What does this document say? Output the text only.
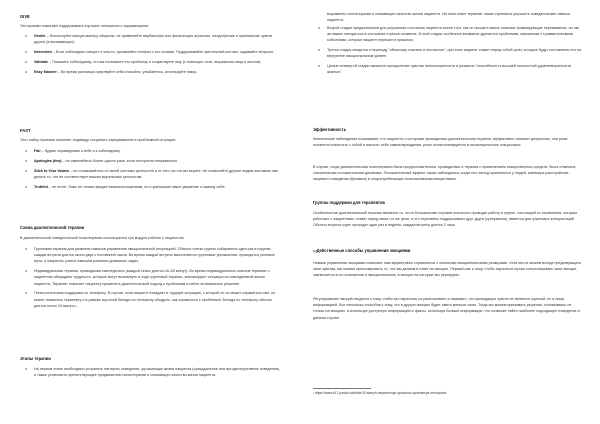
GIVE

Эти приемы помогают поддерживать хорошие отношения с окружающими:

o Gentle – Используйте мягкую манеру общения, не применяйте вербальную или физическую агрессию, неодобрение и принижение чувств других (в вызывающих).
o Interested – Если собеседник говорит о чем-то, проявляйте интерес к его словам. Поддерживайте зрительный контакт, задавайте вопросы.
o Validate – Покажите собеседнику, что вы понимаете его проблему и сочувствуете ему (с помощью слов, выражения лица и жестов).
o Easy Manner – Во время разговора чувствуйте себя спокойно, улыбайтесь, используйте юмор.

FAST

Этот набор приемов помогает индивиду сохранить самоуважение в проблемной ситуации:

o Fair – будьте справедливы к себе и к собеседнику.
o Apologies (few) – не извиняйтесь более одного раза, если поступили неправильно.
o Stick to Your Values – не отказывайтесь от своей системы ценностей и от того, во что вы верите. Не позволяйте другим людям заставить вас делать то, что не соответствует вашим моральным ценностям.
o Truthful – не лгите. Ложь не только вредит взаимоотношениям, но и уменьшает ваше уважение к самому себе.

Схема диалектической терапии

В диалектической поведенческой психотерапии используются три модуля работы с пациентом:

o Групповая терапия для развития навыков управления эмоциональной регуляцией. Обычно члены группы собираются один раз в неделю, каждая встреча длится около двух с половиной часов. Во время каждой встречи выполняются групповые упражнения: проводятся ролевые игры, и пациенты учатся навыкам решения домашних задач.
o Индивидуальная терапия, проводимая еженедельно (каждый сеанс длится 40–50 минут). Во время индивидуальных сеансов терапевт с пациентом обсуждают трудности, которые могут возникнуть в ходе групповой терапии, анализируют ситуации из повседневной жизни пациента. Терапевт помогает пациенту применять диалектический подход к проблемам и найти оптимальное решение.
o Психологическая поддержка по телефону. В случае, если пациент попадает в трудную ситуацию, с которой он не может справиться сам, он может позвонить терапевту и в рамках короткой беседы по телефону обсудить, как справиться с проблемой. Беседа по телефону обычно длится около 15 минут[1]

Этапы терапии

o На первом этапе необходимо устранить паттерны поведения, угрожающие жизни пациента (суицидальное или аутодеструктивное поведение), а также установить препятствующее продвижению психотерапии и снижающее качество жизни пациента.

выраженно психотерапии и снижающее качество жизни пациента. На этом этапе терапевт также стремится улучшить поведенческие навыки пациента.

o Второй стадии предназначена для улучшения состояния пациента после того, как он прошел сквозь тяжелые травмирующие переживания, но так же важно находиться в состоянии стресса отчаяния. В этой стадии особенное внимание уделяется проблемам, связанным с травматическими событиями, которые пациент пережил в прошлом.
o Третья стадия сводится к переходу "обычному счастью и несчастью", при этом пациент ставит перед собой цели, которые будут поставлены его на внутренне эмоциональном уровне.
o Целью четвертой стадии является преодоление чувства неполноценности и развитие "способности к высшей личностной удовлетворенности жизнью".

Эффективность

Клинические наблюдения показывают, что пациенты с которыми проводилась диалектическая терапия, эффективно снижают депрессию, они реже пытаются покончить с собой и наносят себе самоповреждения, реже госпитализируются в психиатрические стационары.

В случае, когда диалектическая психотерапия была предположительна, проводилась и терапия с применением лекарственных средств, была отмечена значительная положительная динамика. Положительный эффект также наблюдался, когда этот метод применялся у людей, имеющих расстройства пищевого поведения (булимия) и злоупотребляющих психоактивными веществами.

Группы поддержки для терапевтов

Особенностью диалектической терапии является то, что в большинстве случаев психологи проводят работу в группе, состоящей из терапевтов, которые работают с пациентами, ставят перед ними тот же цели, а что терапевты поддерживают друг друга (супервизия), имеются для групповых консультаций. Обычно встречи групп проходят один раз в неделю, каждая встреча длится 2 часа

[2]Действенные способы управления эмоциями

Навыки управления эмоциями помогают нам эффективно справляться с сильными эмоциональными реакциями. Хотя мы не можем всегда предотвращать свои чувства, мы можем прогнозировать то, что мы делаем в ответ на эмоцию. Первый шаг к тому, чтобы научиться лучше контролировать свои эмоции, заключается в их осознанном и эмоциональном, в эмоции на которые мы реагируем.

Регулирование эмоций сводится к тому, чтобы вы научились их распознавать и называть, что приходящих чувств не является оценкой, но а лишь информацией. Вот несколько способов к тому, что в другую эмоцию будет иметь меньше силы. Тогда мы можем принимать решения, основываясь не только на эмоциях, а используя доступную информацию и факты, используя больше информации, что позволит найти наиболее подходящее поведение в данном случае.

¹ https://www.b17-portal.ru/article/10-samyh-deystvennyh-sposobov-upravleniya-emociyami
